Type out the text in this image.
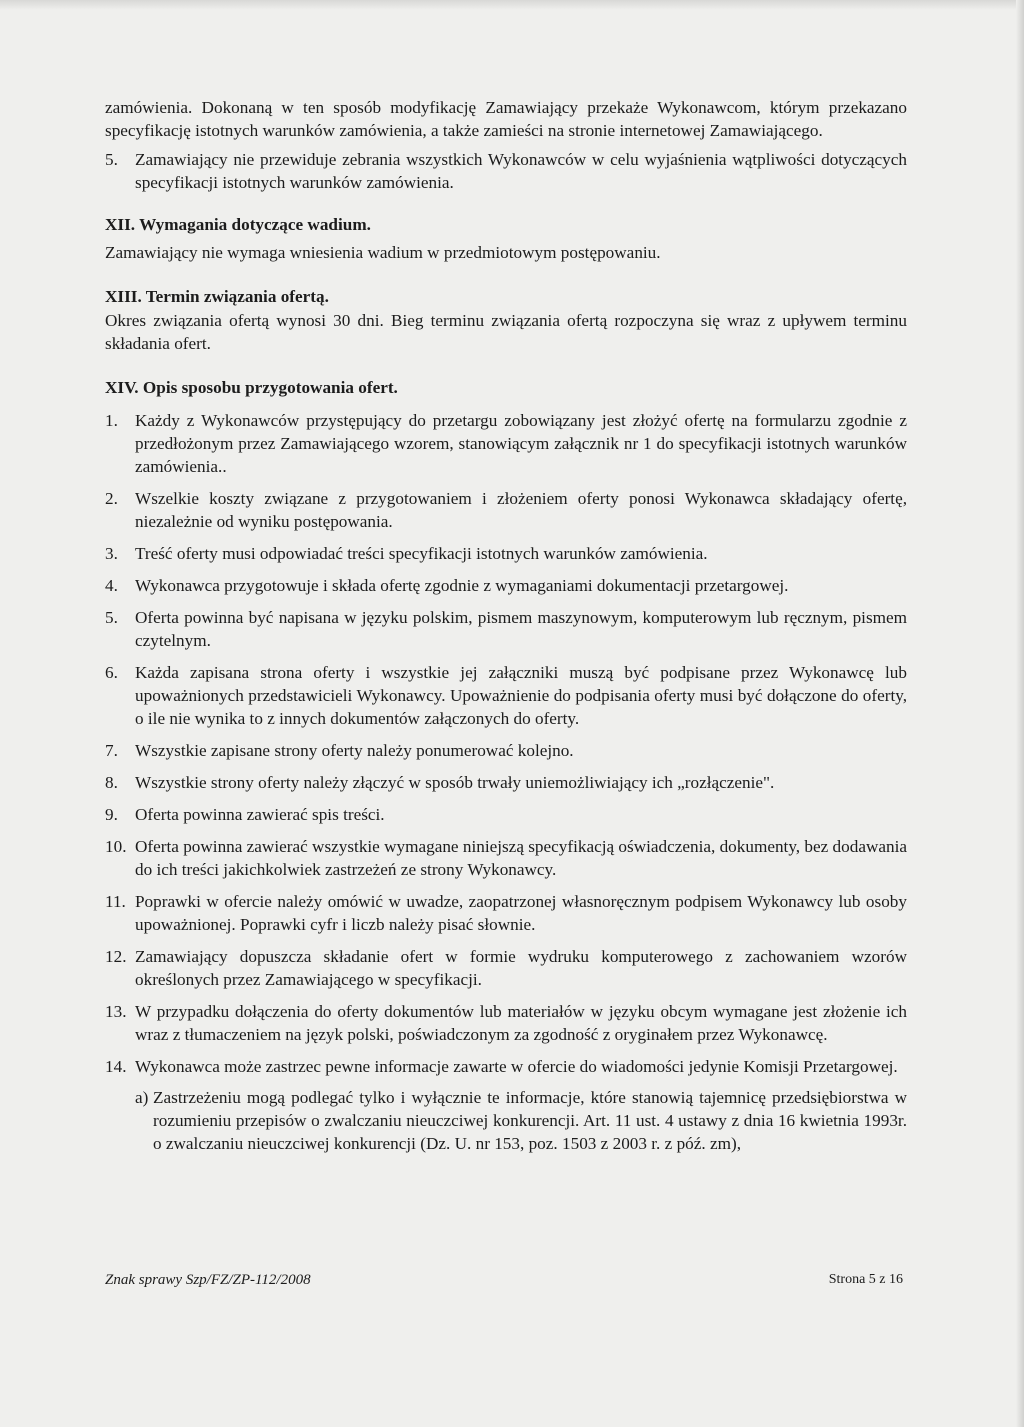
zamówienia. Dokonaną w ten sposób modyfikację Zamawiający przekaże Wykonawcom, którym przekazano specyfikację istotnych warunków zamówienia, a także zamieści na stronie internetowej Zamawiającego.

5. Zamawiający nie przewiduje zebrania wszystkich Wykonawców w celu wyjaśnienia wątpliwości dotyczących specyfikacji istotnych warunków zamówienia.

XII. Wymagania dotyczące wadium.

Zamawiający nie wymaga wniesienia wadium w przedmiotowym postępowaniu.

XIII. Termin związania ofertą.

Okres związania ofertą wynosi 30 dni. Bieg terminu związania ofertą rozpoczyna się wraz z upływem terminu składania ofert.

XIV. Opis sposobu przygotowania ofert.

1. Każdy z Wykonawców przystępujący do przetargu zobowiązany jest złożyć ofertę na formularzu zgodnie z przedłożonym przez Zamawiającego wzorem, stanowiącym załącznik nr 1 do specyfikacji istotnych warunków zamówienia..
2. Wszelkie koszty związane z przygotowaniem i złożeniem oferty ponosi Wykonawca składający ofertę, niezależnie od wyniku postępowania.
3. Treść oferty musi odpowiadać treści specyfikacji istotnych warunków zamówienia.
4. Wykonawca przygotowuje i składa ofertę zgodnie z wymaganiami dokumentacji przetargowej.
5. Oferta powinna być napisana w języku polskim, pismem maszynowym, komputerowym lub ręcznym, pismem czytelnym.
6. Każda zapisana strona oferty i wszystkie jej załączniki muszą być podpisane przez Wykonawcę lub upoważnionych przedstawicieli Wykonawcy. Upoważnienie do podpisania oferty musi być dołączone do oferty, o ile nie wynika to z innych dokumentów załączonych do oferty.
7. Wszystkie zapisane strony oferty należy ponumerować kolejno.
8. Wszystkie strony oferty należy złączyć w sposób trwały uniemożliwiający ich „rozłączenie".
9. Oferta powinna zawierać spis treści.
10. Oferta powinna zawierać wszystkie wymagane niniejszą specyfikacją oświadczenia, dokumenty, bez dodawania do ich treści jakichkolwiek zastrzeżeń ze strony Wykonawcy.
11. Poprawki w ofercie należy omówić w uwadze, zaopatrzonej własnoręcznym podpisem Wykonawcy lub osoby upoważnionej. Poprawki cyfr i liczb należy pisać słownie.
12. Zamawiający dopuszcza składanie ofert w formie wydruku komputerowego z zachowaniem wzorów określonych przez Zamawiającego w specyfikacji.
13. W przypadku dołączenia do oferty dokumentów lub materiałów w języku obcym wymagane jest złożenie ich wraz z tłumaczeniem na język polski, poświadczonym za zgodność z oryginałem przez Wykonawcę.
14. Wykonawca może zastrzec pewne informacje zawarte w ofercie do wiadomości jedynie Komisji Przetargowej.
a) Zastrzeżeniu mogą podlegać tylko i wyłącznie te informacje, które stanowią tajemnicę przedsiębiorstwa w rozumieniu przepisów o zwalczaniu nieuczciwej konkurencji. Art. 11 ust. 4 ustawy z dnia 16 kwietnia 1993r. o zwalczaniu nieuczciwej konkurencji (Dz. U. nr 153, poz. 1503 z 2003 r. z póź. zm),
Znak sprawy Szp/FZ/ZP-112/2008	Strona 5 z 16
